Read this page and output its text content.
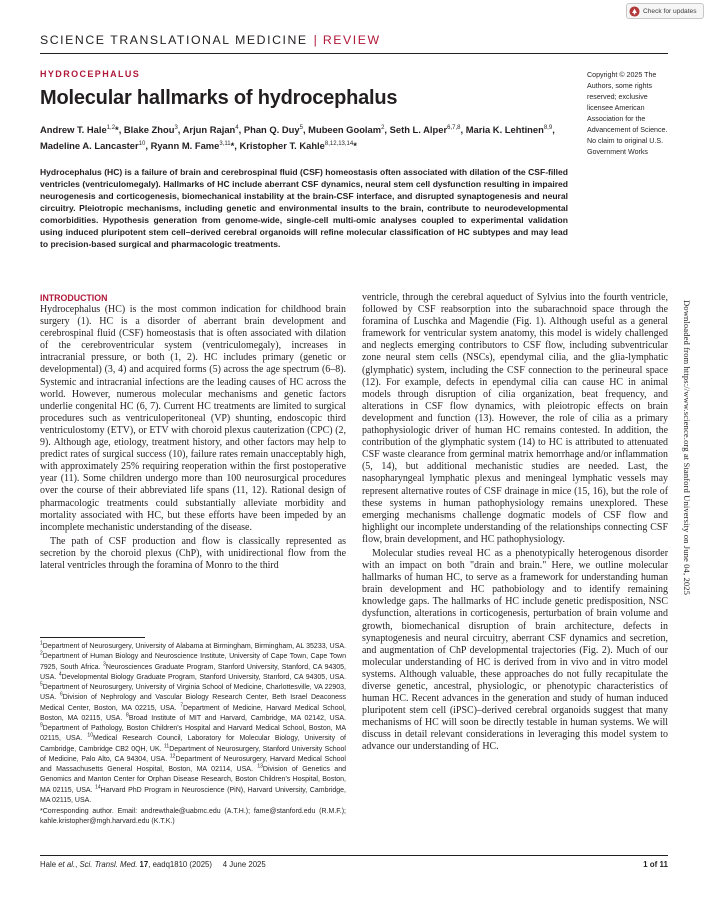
Check for updates
SCIENCE TRANSLATIONAL MEDICINE | REVIEW
HYDROCEPHALUS
Molecular hallmarks of hydrocephalus
Andrew T. Hale$^{1,2}$*, Blake Zhou$^3$, Arjun Rajan$^4$, Phan Q. Duy$^5$, Mubeen Goolam$^2$, Seth L. Alper$^{6,7,8}$, Maria K. Lehtinen$^{8,9}$, Madeline A. Lancaster$^{10}$, Ryann M. Fame$^{3,11}$*, Kristopher T. Kahle$^{8,12,13,14}$*
Copyright © 2025 The Authors, some rights reserved; exclusive licensee American Association for the Advancement of Science. No claim to original U.S. Government Works
Hydrocephalus (HC) is a failure of brain and cerebrospinal fluid (CSF) homeostasis often associated with dilation of the CSF-filled ventricles (ventriculomegaly). Hallmarks of HC include aberrant CSF dynamics, neural stem cell dysfunction resulting in impaired neurogenesis and corticogenesis, biomechanical instability at the brain-CSF interface, and disrupted synaptogenesis and neural circuitry. Pleiotropic mechanisms, including genetic and environmental insults to the brain, contribute to neurodevelopmental comorbidities. Hypothesis generation from genome-wide, single-cell multi-omic analyses coupled to experimental validation using induced pluripotent stem cell–derived cerebral organoids will refine molecular classification of HC subtypes and may lead to precision-based surgical and pharmacologic treatments.
INTRODUCTION

Hydrocephalus (HC) is the most common indication for childhood brain surgery (1). HC is a disorder of aberrant brain development and cerebrospinal fluid (CSF) homeostasis that is often associated with dilation of the cerebroventricular system (ventriculomegaly), increases in intracranial pressure, or both (1, 2). HC includes primary (genetic or developmental) (3, 4) and acquired forms (5) across the age spectrum (6–8). Systemic and intracranial infections are the leading causes of HC across the world. However, numerous molecular mechanisms and genetic factors underlie congenital HC (6, 7). Current HC treatments are limited to surgical procedures such as ventriculoperitoneal (VP) shunting, endoscopic third ventriculostomy (ETV), or ETV with choroid plexus cauterization (CPC) (2, 9). Although age, etiology, treatment history, and other factors may help to predict rates of surgical success (10), failure rates remain unacceptably high, with approximately 25% requiring reoperation within the first postoperative year (11). Some children undergo more than 100 neurosurgical procedures over the course of their abbreviated life spans (11, 12). Rational design of pharmacologic treatments could substantially alleviate morbidity and mortality associated with HC, but these efforts have been impeded by an incomplete mechanistic understanding of the disease.

The path of CSF production and flow is classically represented as secretion by the choroid plexus (ChP), with unidirectional flow from the lateral ventricles through the foramina of Monro to the third

$^1$Department of Neurosurgery, University of Alabama at Birmingham, Birmingham, AL 35233, USA. $^2$Department of Human Biology and Neuroscience Institute, University of Cape Town, Cape Town 7925, South Africa. $^3$Neurosciences Graduate Program, Stanford University, Stanford, CA 94305, USA. $^4$Developmental Biology Graduate Program, Stanford University, Stanford, CA 94305, USA. $^5$Department of Neurosurgery, University of Virginia School of Medicine, Charlottesville, VA 22903, USA. $^6$Division of Nephrology and Vascular Biology Research Center, Beth Israel Deaconess Medical Center, Boston, MA 02215, USA. $^7$Department of Medicine, Harvard Medical School, Boston, MA 02115, USA. $^8$Broad Institute of MIT and Harvard, Cambridge, MA 02142, USA. $^9$Department of Pathology, Boston Children's Hospital and Harvard Medical School, Boston, MA 02115, USA. $^{10}$Medical Research Council, Laboratory for Molecular Biology, University of Cambridge, Cambridge CB2 0QH, UK. $^{11}$Department of Neurosurgery, Stanford University School of Medicine, Palo Alto, CA 94304, USA. $^{12}$Department of Neurosurgery, Harvard Medical School and Massachusetts General Hospital, Boston, MA 02114, USA. $^{13}$Division of Genetics and Genomics and Manton Center for Orphan Disease Research, Boston Children's Hospital, Boston, MA 02115, USA. $^{14}$Harvard PhD Program in Neuroscience (PiN), Harvard University, Cambridge, MA 02115, USA.

*Corresponding author. Email: andrewthale@uabmc.edu (A.T.H.); fame@stanford.edu (R.M.F.); kahle.kristopher@mgh.harvard.edu (K.T.K.)

ventricle, through the cerebral aqueduct of Sylvius into the fourth ventricle, followed by CSF reabsorption into the subarachnoid space through the foramina of Luschka and Magendie (Fig. 1). Although useful as a general framework for ventricular system anatomy, this model is widely challenged and neglects emerging contributors to CSF flow, including subventricular zone neural stem cells (NSCs), ependymal cilia, and the glia-lymphatic (glymphatic) system, including the CSF connection to the perineural space (12). For example, defects in ependymal cilia can cause HC in animal models through disruption of cilia organization, beat frequency, and alterations in CSF flow dynamics, with pleiotropic effects on brain development and function (13). However, the role of cilia as a primary pathophysiologic driver of human HC remains contested. In addition, the contribution of the glymphatic system (14) to HC is attributed to attenuated CSF waste clearance from germinal matrix hemorrhage and/or inflammation (5, 14), but additional mechanistic studies are needed. Last, the nasopharyngeal lymphatic plexus and meningeal lymphatic vessels may represent alternative routes of CSF drainage in mice (15, 16), but the role of these systems in human pathophysiology remains unexplored. These emerging mechanisms challenge dogmatic models of CSF flow and highlight our incomplete understanding of the relationships connecting CSF flow, brain development, and HC pathophysiology.

Molecular studies reveal HC as a phenotypically heterogenous disorder with an impact on both "drain and brain." Here, we outline molecular hallmarks of human HC, to serve as a framework for understanding human brain development and HC pathobiology and to identify remaining knowledge gaps. The hallmarks of HC include genetic predisposition, NSC dysfunction, alterations in corticogenesis, perturbation of brain volume and growth, biomechanical disruption of brain architecture, defects in synaptogenesis and neural circuitry, aberrant CSF dynamics and secretion, and augmentation of ChP developmental trajectories (Fig. 2). Much of our molecular understanding of HC is derived from in vivo and in vitro model systems. Although valuable, these approaches do not fully recapitulate the diverse genetic, ancestral, physiologic, or phenotypic characteristics of human HC. Recent advances in the generation and study of human induced pluripotent stem cell (iPSC)–derived cerebral organoids suggest that many mechanisms of HC will soon be directly testable in human systems. We will discuss in detail relevant considerations in leveraging this model system to advance our understanding of HC.

Hale et al., Sci. Transl. Med. 17, eadq1810 (2025)     4 June 2025	1 of 11
Downloaded from https://www.science.org at Stanford University on June 04, 2025
